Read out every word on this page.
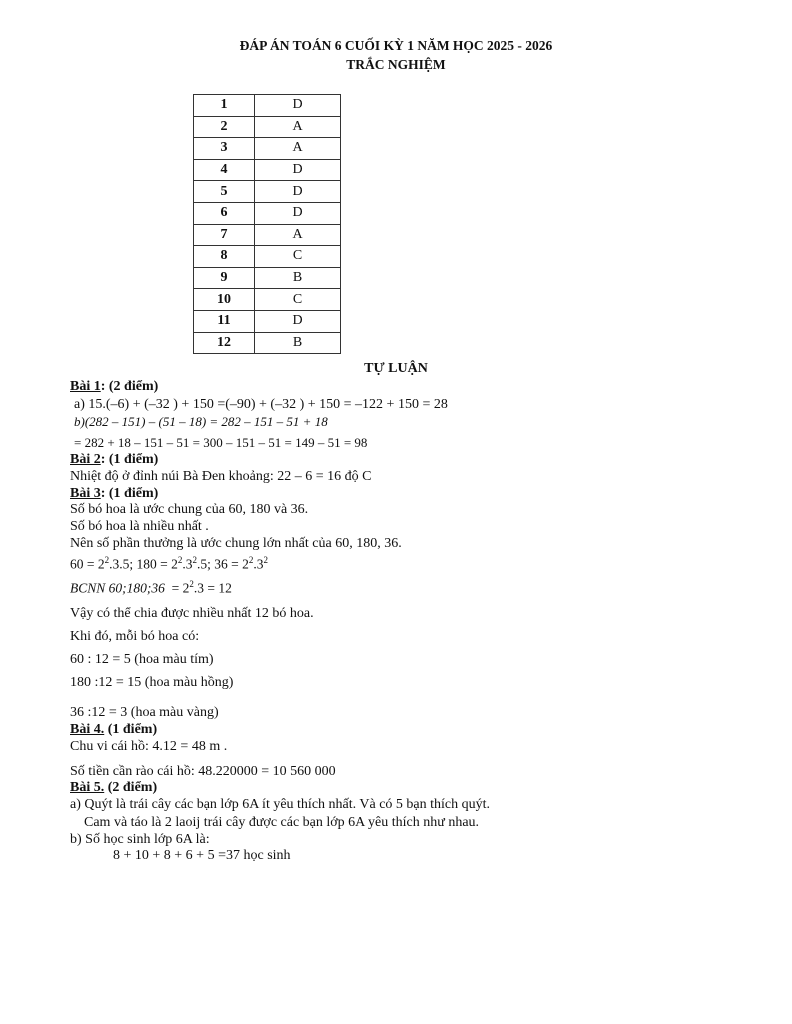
ĐÁP ÁN TOÁN 6 CUỐI KỲ 1 NĂM HỌC 2025 - 2026
TRẮC NGHIỆM
1	D
2	A
3	A
4	D
5	D
6	D
7	A
8	C
9	B
10	C
11	D
12	B
TỰ LUẬN
Bài 1: (2 điểm)
a) 15.(–6) + (–32 ) + 150 =(–90) + (–32 ) + 150 = –122 + 150 = 28
b)(282 – 151) – (51 – 18) = 282 – 151 – 51 + 18
= 282 + 18 – 151 – 51 = 300 – 151 – 51 = 149 – 51 = 98
Bài 2: (1 điểm)
Nhiệt độ ở đỉnh núi Bà Đen khoảng: 22 – 6 = 16 độ C
Bài 3: (1 điểm)
Số bó hoa là ước chung của 60, 180 và 36.
Số bó hoa là nhiều nhất .
Nên số phần thưởng là ước chung lớn nhất của 60, 180, 36.
$60 = 2^2.3.5$; $180 = 2^2.3^2.5$; $36 = 2^2.3^2$
BCNN 60;180;36 = $2^2.3 = 12$
Vậy có thể chia được nhiều nhất 12 bó hoa.
Khi đó, mỗi bó hoa có:
60 : 12 = 5 (hoa màu tím)
180 :12 = 15 (hoa màu hồng)
36 :12 = 3 (hoa màu vàng)
Bài 4. (1 điểm)
Chu vi cái hồ: 4.12 = 48 m .
Số tiền cần rào cái hồ: 48.220000 = 10 560 000
Bài 5. (2 điểm)
a) Quýt là trái cây các bạn lớp 6A ít yêu thích nhất. Và có 5 bạn thích quýt.
Cam và táo là 2 laoij trái cây được các bạn lớp 6A yêu thích như nhau.
b) Số học sinh lớp 6A là:
8 + 10 + 8 + 6 + 5 =37 học sinh
